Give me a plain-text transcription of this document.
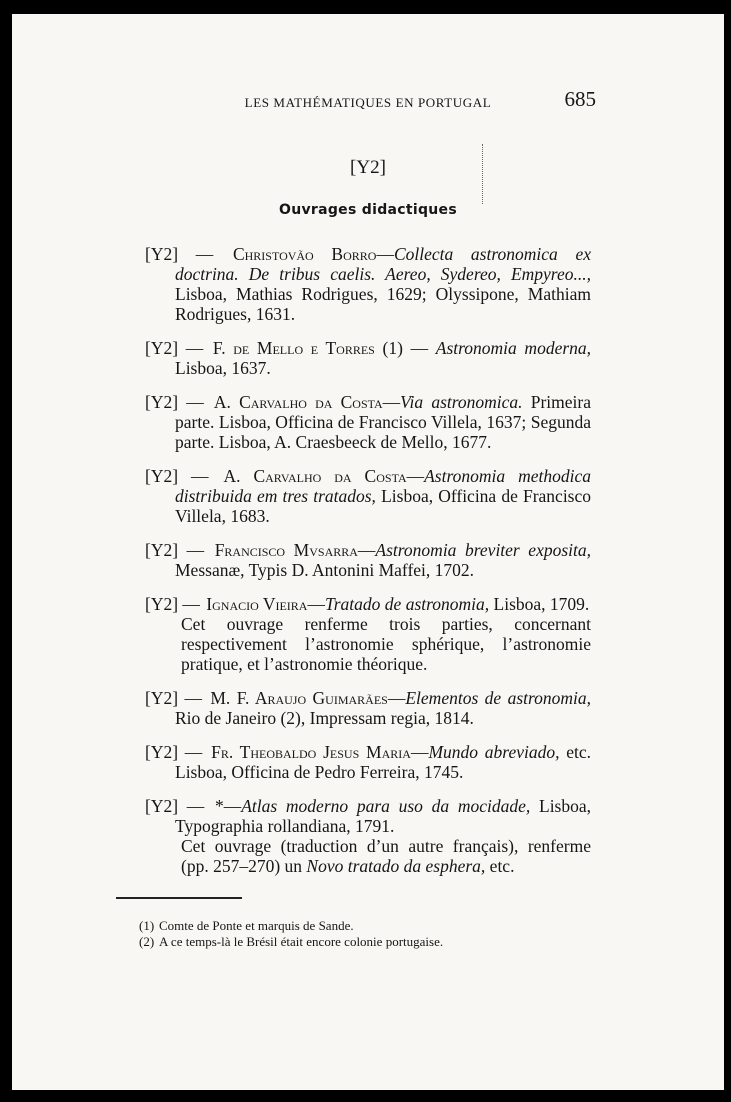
LES MATHÉMATIQUES EN PORTUGAL	685
[Y2]
Ouvrages didactiques
[Y2] — Christovão Borro—Collecta astronomica ex doctrina. De tribus caelis. Aereo, Sydereo, Empyreo..., Lisboa, Mathias Rodrigues, 1629; Olyssipone, Mathiam Rodrigues, 1631.
[Y2] — F. de Mello e Torres (1) — Astronomia moderna, Lisboa, 1637.
[Y2] — A. Carvalho da Costa—Via astronomica. Primeira parte. Lisboa, Officina de Francisco Villela, 1637; Segunda parte. Lisboa, A. Craesbeeck de Mello, 1677.
[Y2] — A. Carvalho da Costa—Astronomia methodica distribuida em tres tratados, Lisboa, Officina de Francisco Villela, 1683.
[Y2] — Francisco Mvsarra—Astronomia breviter exposita, Messanæ, Typis D. Antonini Maffei, 1702.
[Y2] — Ignacio Vieira—Tratado de astronomia, Lisboa, 1709.
Cet ouvrage renferme trois parties, concernant respectivement l’astronomie sphérique, l’astronomie pratique, et l’astronomie théorique.
[Y2] — M. F. Araujo Guimarães—Elementos de astronomia, Rio de Janeiro (2), Impressam regia, 1814.
[Y2] — Fr. Theobaldo Jesus Maria—Mundo abreviado, etc. Lisboa, Officina de Pedro Ferreira, 1745.
[Y2] — *—Atlas moderno para uso da mocidade, Lisboa, Typographia rollandiana, 1791.
Cet ouvrage (traduction d’un autre français), renferme (pp. 257–270) un Novo tratado da esphera, etc.

(1) Comte de Ponte et marquis de Sande.

(2) A ce temps-là le Brésil était encore colonie portugaise.
